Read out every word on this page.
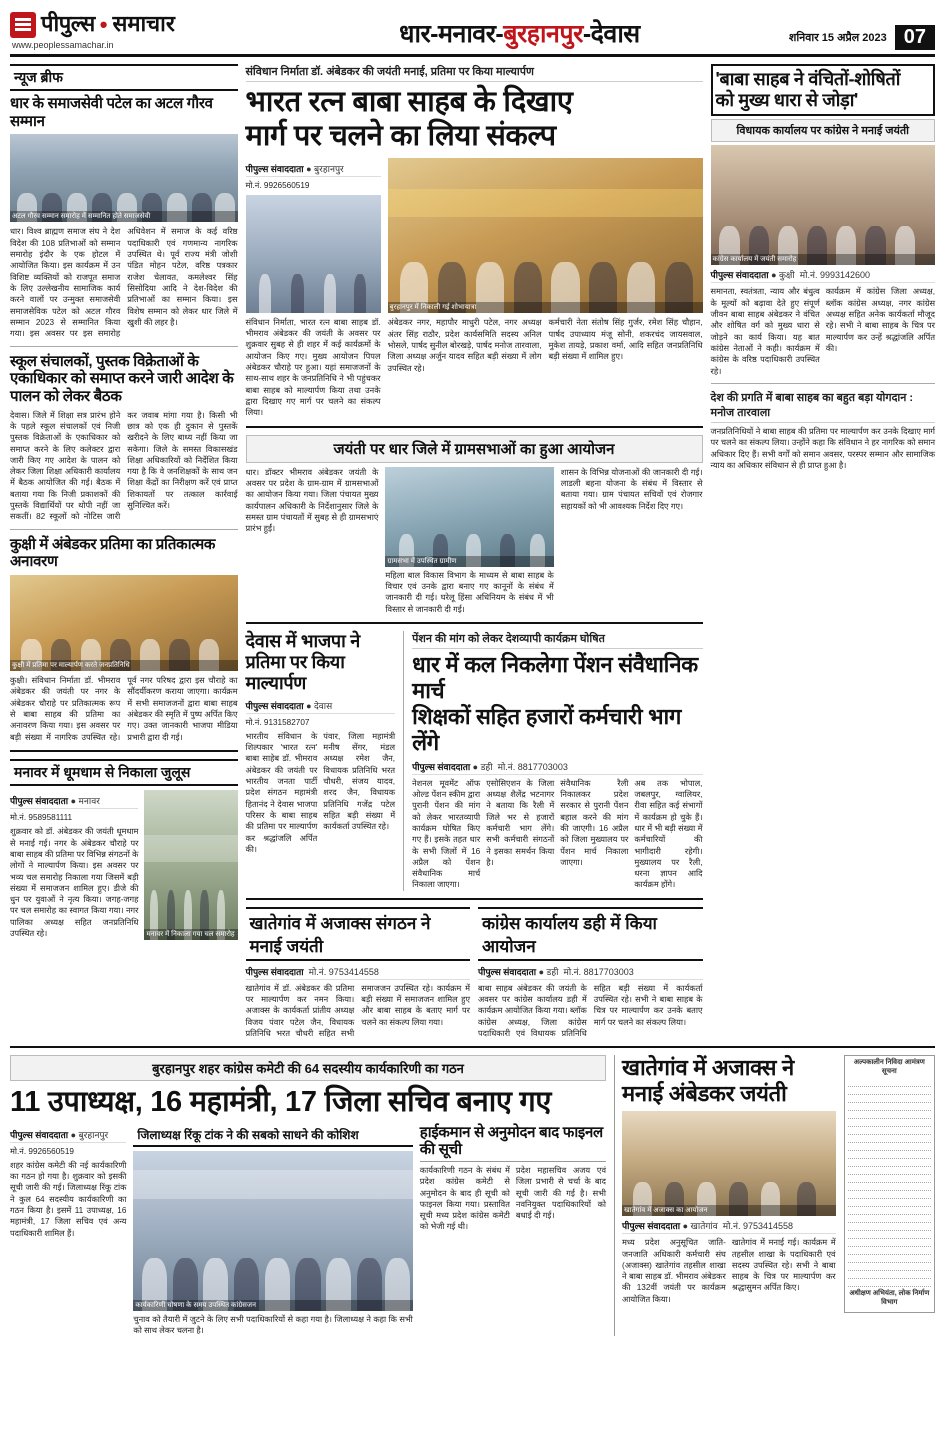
पीपुल्स • समाचार
www.peoplessamachar.in	धार-मनावर-बुरहानपुर-देवास	शनिवार 15 अप्रैल 2023 07
न्यूज ब्रीफ
धार के समाजसेवी पटेल का अटल गौरव सम्मान
अटल गौरव सम्मान समारोह में सम्मानित होते समाजसेवी
धार। विश्व ब्राह्मण समाज संघ ने देश विदेश की 108 प्रतिभाओं को सम्मान समारोह इंदौर के एक होटल में आयोजित किया। इस कार्यक्रम में उन विशिष्ट व्यक्तियों को राजपूत समाज के लिए उल्लेखनीय सामाजिक कार्य करने वालों पर उन्मुक्त समाजसेवी समाजसेविक पटेल को अटल गौरव सम्मान 2023 से सम्मानित किया गया। इस अवसर पर इस समारोह अधिवेशन में समाज के कई वरिष्ठ पदाधिकारी एवं गणमान्य नागरिक उपस्थित थे। पूर्व राज्य मंत्री जोशी पंडित मोहन पटेल, वरिष्ठ पत्रकार राजेश चेलावत, कमलेश्वर सिंह सिसोदिया आदि ने देश-विदेश की प्रतिभाओं का सम्मान किया। इस विशेष सम्मान को लेकर धार जिले में खुशी की लहर है।
स्कूल संचालकों, पुस्तक विक्रेताओं के एकाधिकार को समाप्त करने जारी आदेश के पालन को लेकर बैठक
देवास। जिले में शिक्षा सत्र प्रारंभ होने के पहले स्कूल संचालकों एवं निजी पुस्तक विक्रेताओं के एकाधिकार को समाप्त करने के लिए कलेक्टर द्वारा जारी किए गए आदेश के पालन को लेकर जिला शिक्षा अधिकारी कार्यालय में बैठक आयोजित की गई। बैठक में बताया गया कि निजी प्रकाशकों की पुस्तकें विद्यार्थियों पर थोपी नहीं जा सकतीं। 82 स्कूलों को नोटिस जारी कर जवाब मांगा गया है। किसी भी छात्र को एक ही दुकान से पुस्तकें खरीदने के लिए बाध्य नहीं किया जा सकेगा। जिले के समस्त विकासखंड शिक्षा अधिकारियों को निर्देशित किया गया है कि वे जनशिक्षकों के साथ जन शिक्षा केंद्रों का निरीक्षण करें एवं प्राप्त शिकायतों पर तत्काल कार्रवाई सुनिश्चित करें।
कुक्षी में अंबेडकर प्रतिमा का प्रतिकात्मक अनावरण
कुक्षी में प्रतिमा पर माल्यार्पण करते जनप्रतिनिधि
कुक्षी। संविधान निर्माता डॉ. भीमराव अंबेडकर की जयंती पर नगर के अंबेडकर चौराहे पर प्रतिकात्मक रूप से बाबा साहब की प्रतिमा का अनावरण किया गया। इस अवसर पर बड़ी संख्या में नागरिक उपस्थित रहे। पूर्व नगर परिषद द्वारा इस चौराहे का सौंदर्यीकरण कराया जाएगा। कार्यक्रम में सभी समाजजनों द्वारा बाबा साहब अंबेडकर की स्मृति में पुष्प अर्पित किए गए। उक्त जानकारी भाजपा मीडिया प्रभारी द्वारा दी गई।
मनावर में धूमधाम से निकाला जुलूस
पीपुल्स संवाददाता ● मनावर
मो.नं. 9589581111
शुक्रवार को डॉ. अंबेडकर की जयंती धूमधाम से मनाई गई। नगर के अंबेडकर चौराहे पर बाबा साहब की प्रतिमा पर विभिन्न संगठनों के लोगों ने माल्यार्पण किया। इस अवसर पर भव्य चल समारोह निकाला गया जिसमें बड़ी संख्या में समाजजन शामिल हुए। डीजे की धुन पर युवाओं ने नृत्य किया। जगह-जगह पर चल समारोह का स्वागत किया गया। नगर पालिका अध्यक्ष सहित जनप्रतिनिधि उपस्थित रहे।	मनावर में निकाला गया चल समारोह
संविधान निर्माता डॉ. अंबेडकर की जयंती मनाई, प्रतिमा पर किया माल्यार्पण
भारत रत्न बाबा साहब के दिखाए
मार्ग पर चलने का लिया संकल्प
पीपुल्स संवाददाता ● बुरहानपुर
मो.नं. 9926560519
संविधान निर्माता, भारत रत्न बाबा साहब डॉ. भीमराव अंबेडकर की जयंती के अवसर पर शुक्रवार सुबह से ही शहर में कई कार्यक्रमों के आयोजन किए गए। मुख्य आयोजन पिपल अंबेडकर चौराहे पर हुआ। यहां समाजजनों के साथ-साथ शहर के जनप्रतिनिधि ने भी पहुंचकर बाबा साहब को माल्यार्पण किया तथा उनके द्वारा दिखाए गए मार्ग पर चलने का संकल्प लिया।
बुरहानपुर में निकाली गई शोभायात्रा
अंबेडकर नगर, महापौर माधुरी पटेल, नगर अध्यक्ष अंतर सिंह राठौर, प्रदेश कार्यसमिति सदस्य अनिल भोसले, पार्षद सुनील बोरखड़े, पार्षद मनोज तारवाला, जिला अध्यक्ष अर्जुन यादव सहित बड़ी संख्या में लोग उपस्थित रहे।
कर्मचारी नेता संतोष सिंह गुर्जर, रमेश सिंह चौहान, पार्षद उपाध्याय मंजू सोनी, शकरचंद जायसवाल, मुकेश तायड़े, प्रकाश वर्मा, आदि सहित जनप्रतिनिधि बड़ी संख्या में शामिल हुए।
जयंती पर धार जिले में ग्रामसभाओं का हुआ आयोजन
धार। डॉक्टर भीमराव अंबेडकर जयंती के अवसर पर प्रदेश के ग्राम-ग्राम में ग्रामसभाओं का आयोजन किया गया। जिला पंचायत मुख्य कार्यपालन अधिकारी के निर्देशानुसार जिले के समस्त ग्राम पंचायतों में सुबह से ही ग्रामसभाएं प्रारंभ हुईं।
ग्रामसभा में उपस्थित ग्रामीण
महिला बाल विकास विभाग के माध्यम से बाबा साहब के विचार एवं उनके द्वारा बनाए गए कानूनों के संबंध में जानकारी दी गई। घरेलू हिंसा अधिनियम के संबंध में भी विस्तार से जानकारी दी गई।
शासन के विभिन्न योजनाओं की जानकारी दी गई। लाडली बहना योजना के संबंध में विस्तार से बताया गया। ग्राम पंचायत सचिवों एवं रोजगार सहायकों को भी आवश्यक निर्देश दिए गए।
देवास में भाजपा ने प्रतिमा पर किया माल्यार्पण
पीपुल्स संवाददाता ● देवास
मो.नं. 9131582707
भारतीय संविधान के शिल्पकार 'भारत रत्न' बाबा साहेब डॉ. भीमराव अंबेडकर की जयंती पर भारतीय जनता पार्टी प्रदेश संगठन महामंत्री हितानंद ने देवास भाजपा परिसर के बाबा साहब की प्रतिमा पर माल्यार्पण कर श्रद्धांजलि अर्पित की।
पंवार, जिला महामंत्री मनीष सेंगर, मंडल अध्यक्ष रमेश जैन, विधायक प्रतिनिधि भरत चौधरी, संजय यादव, शरद जैन, विधायक प्रतिनिधि गजेंद्र पटेल सहित बड़ी संख्या में कार्यकर्ता उपस्थित रहे।
पेंशन की मांग को लेकर देशव्यापी कार्यक्रम घोषित
धार में कल निकलेगा पेंशन संवैधानिक मार्च
शिक्षकों सहित हजारों कर्मचारी भाग लेंगे
पीपुल्स संवाददाता ● डही मो.नं. 8817703003
नेशनल मूवमेंट ऑफ ओल्ड पेंशन स्कीम द्वारा पुरानी पेंशन की मांग को लेकर भारतव्यापी कार्यक्रम घोषित किए गए हैं। इसके तहत धार के सभी जिलों में 16 अप्रैल को पेंशन संवैधानिक मार्च निकाला जाएगा।
एसोसिएशन के जिला अध्यक्ष शैलेंद्र भटनागर ने बताया कि रैली में जिले भर से हजारों कर्मचारी भाग लेंगे। सभी कर्मचारी संगठनों ने इसका समर्थन किया है।
संवैधानिक रैली निकालकर प्रदेश सरकार से पुरानी पेंशन बहाल करने की मांग की जाएगी। 16 अप्रैल को जिला मुख्यालय पर पेंशन मार्च निकाला जाएगा।
अब तक भोपाल, जबलपुर, ग्वालियर, रीवा सहित कई संभागों में कार्यक्रम हो चुके हैं। धार में भी बड़ी संख्या में कर्मचारियों की भागीदारी रहेगी। मुख्यालय पर रैली, धरना ज्ञापन आदि कार्यक्रम होंगे।
खातेगांव में अजाक्स संगठन ने मनाई जयंती
पीपुल्स संवाददाता मो.नं. 9753414558
खातेगांव में डॉ. अंबेडकर की प्रतिमा पर माल्यार्पण कर नमन किया। अजाक्स के कार्यकर्ता प्रांतीय अध्यक्ष विजय पंवार पटेल जैन, विधायक प्रतिनिधि भरत चौधरी सहित सभी समाजजन उपस्थित रहे। कार्यक्रम में बड़ी संख्या में समाजजन शामिल हुए और बाबा साहब के बताए मार्ग पर चलने का संकल्प लिया गया।
कांग्रेस कार्यालय डही में किया आयोजन
पीपुल्स संवाददाता ● डही मो.नं. 8817703003
बाबा साहब अंबेडकर की जयंती के अवसर पर कांग्रेस कार्यालय डही में कार्यक्रम आयोजित किया गया। ब्लॉक कांग्रेस अध्यक्ष, जिला कांग्रेस पदाधिकारी एवं विधायक प्रतिनिधि सहित बड़ी संख्या में कार्यकर्ता उपस्थित रहे। सभी ने बाबा साहब के चित्र पर माल्यार्पण कर उनके बताए मार्ग पर चलने का संकल्प लिया।
'बाबा साहब ने वंचितों-शोषितों
को मुख्य धारा से जोड़ा'
विधायक कार्यालय पर कांग्रेस ने मनाई जयंती
कांग्रेस कार्यालय में जयंती समारोह
पीपुल्स संवाददाता ● कुक्षी मो.नं. 9993142600
समानता, स्वतंत्रता, न्याय और बंधुत्व के मूल्यों को बढ़ावा देते हुए संपूर्ण जीवन बाबा साहब अंबेडकर ने वंचित और शोषित वर्ग को मुख्य धारा से जोड़ने का कार्य किया। यह बात कांग्रेस नेताओं ने कही। कार्यक्रम में कांग्रेस के वरिष्ठ पदाधिकारी उपस्थित रहे।
कार्यक्रम में कांग्रेस जिला अध्यक्ष, ब्लॉक कांग्रेस अध्यक्ष, नगर कांग्रेस अध्यक्ष सहित अनेक कार्यकर्ता मौजूद रहे। सभी ने बाबा साहब के चित्र पर माल्यार्पण कर उन्हें श्रद्धांजलि अर्पित की।
देश की प्रगति में बाबा साहब का बहुत बड़ा योगदान : मनोज तारवाला
जनप्रतिनिधियों ने बाबा साहब की प्रतिमा पर माल्यार्पण कर उनके दिखाए मार्ग पर चलने का संकल्प लिया। उन्होंने कहा कि संविधान ने हर नागरिक को समान अधिकार दिए हैं। सभी वर्गों को समान अवसर, परस्पर सम्मान और सामाजिक न्याय का अधिकार संविधान से ही प्राप्त हुआ है।
बुरहानपुर शहर कांग्रेस कमेटी की 64 सदस्यीय कार्यकारिणी का गठन
11 उपाध्यक्ष, 16 महामंत्री, 17 जिला सचिव बनाए गए
पीपुल्स संवाददाता ● बुरहानपुर
मो.नं. 9926560519
शहर कांग्रेस कमेटी की नई कार्यकारिणी का गठन हो गया है। शुक्रवार को इसकी सूची जारी की गई। जिलाध्यक्ष रिंकू टांक ने कुल 64 सदस्यीय कार्यकारिणी का गठन किया है। इसमें 11 उपाध्यक्ष, 16 महामंत्री, 17 जिला सचिव एवं अन्य पदाधिकारी शामिल हैं।
जिलाध्यक्ष रिंकू टांक ने की सबको साधने की कोशिश
कार्यकारिणी घोषणा के समय उपस्थित कांग्रेसजन
चुनाव को तैयारी में जुटने के लिए सभी पदाधिकारियों से कहा गया है। जिलाध्यक्ष ने कहा कि सभी को साथ लेकर चलना है।
हाईकमान से अनुमोदन बाद फाइनल की सूची
कार्यकारिणी गठन के संबंध में प्रदेश कांग्रेस कमेटी से अनुमोदन के बाद ही सूची को फाइनल किया गया। प्रस्तावित सूची मध्य प्रदेश कांग्रेस कमेटी को भेजी गई थी।
प्रदेश महासचिव अजय एवं जिला प्रभारी से चर्चा के बाद सूची जारी की गई है। सभी नवनियुक्त पदाधिकारियों को बधाई दी गई।
खातेगांव में अजाक्स ने
मनाई अंबेडकर जयंती
खातेगांव में अजाक्स का आयोजन
पीपुल्स संवाददाता ● खातेगांव मो.नं. 9753414558
मध्य प्रदेश अनुसूचित जाति-जनजाति अधिकारी कर्मचारी संघ (अजाक्स) खातेगांव तहसील शाखा ने बाबा साहब डॉ. भीमराव अंबेडकर की 132वीं जयंती पर कार्यक्रम आयोजित किया।
खातेगांव में मनाई गई। कार्यक्रम में तहसील शाखा के पदाधिकारी एवं सदस्य उपस्थित रहे। सभी ने बाबा साहब के चित्र पर माल्यार्पण कर श्रद्धासुमन अर्पित किए।
अल्पकालीन निविदा आमंत्रण सूचना
अधीक्षण अभियंता, लोक निर्माण विभाग
